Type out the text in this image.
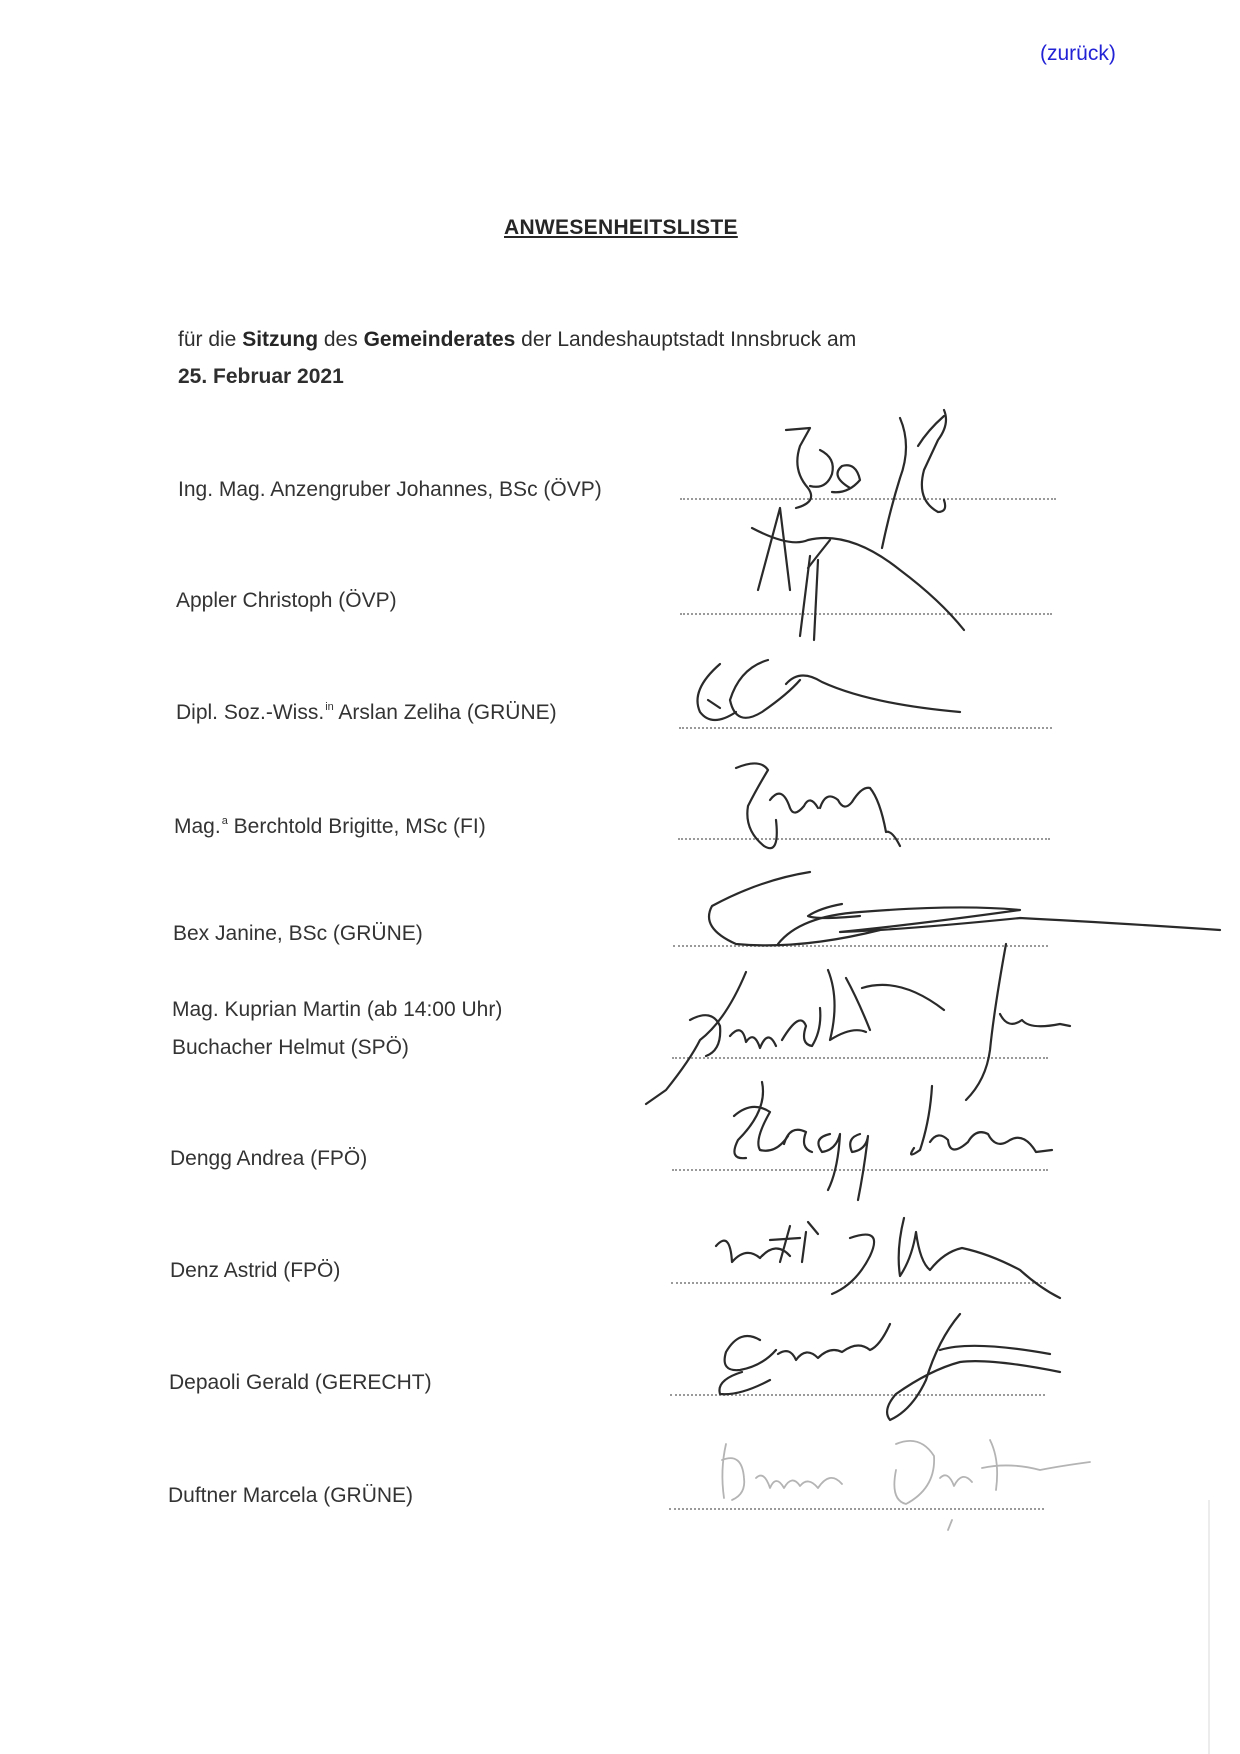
(zurück)
ANWESENHEITSLISTE
für die Sitzung des Gemeinderates der Landeshauptstadt Innsbruck am
25. Februar 2021
Ing. Mag. Anzengruber Johannes, BSc (ÖVP)
Appler Christoph (ÖVP)
Dipl. Soz.-Wiss.$^{in}$ Arslan Zeliha (GRÜNE)
Mag.$^a$ Berchtold Brigitte, MSc (FI)
Bex Janine, BSc (GRÜNE)
Mag. Kuprian Martin (ab 14:00 Uhr)
Buchacher Helmut (SPÖ)
Dengg Andrea (FPÖ)
Denz Astrid (FPÖ)
Depaoli Gerald (GERECHT)
Duftner Marcela (GRÜNE)
